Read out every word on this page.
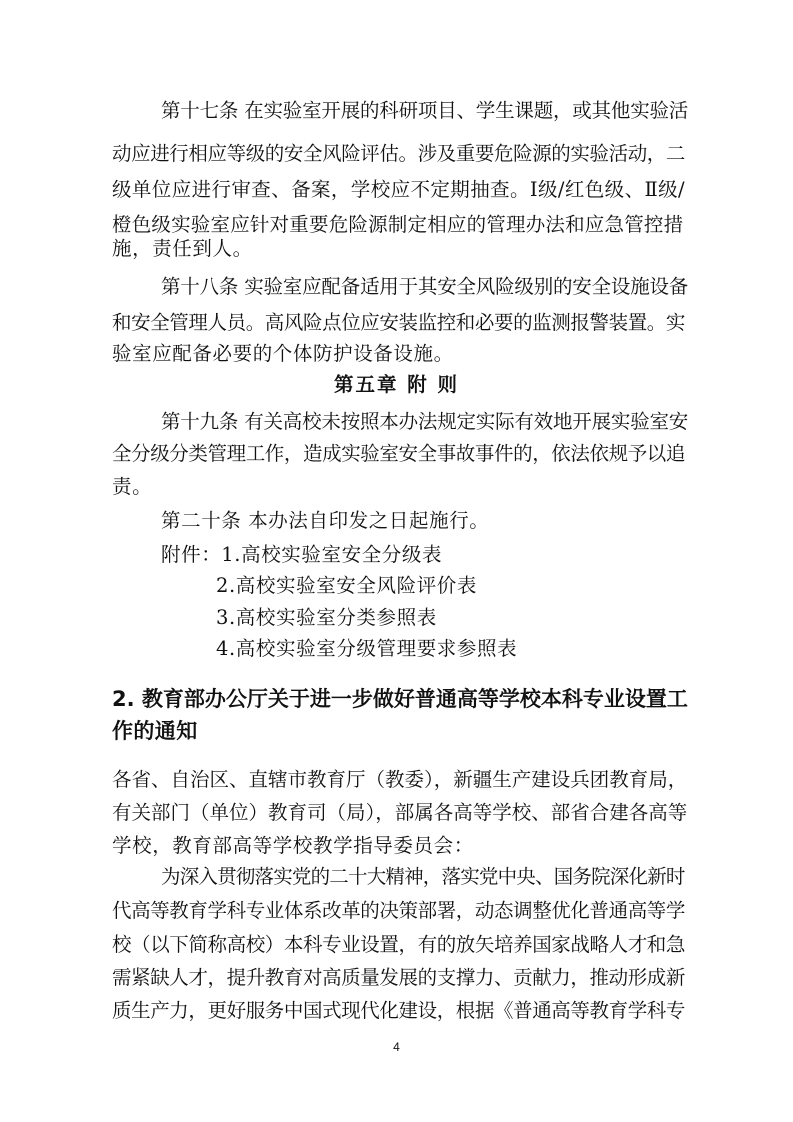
第十七条 在实验室开展的科研项目、学生课题，或其他实验活
动应进行相应等级的安全风险评估。涉及重要危险源的实验活动，二
级单位应进行审查、备案，学校应不定期抽查。Ⅰ级/红色级、Ⅱ级/
橙色级实验室应针对重要危险源制定相应的管理办法和应急管控措
施，责任到人。
第十八条 实验室应配备适用于其安全风险级别的安全设施设备
和安全管理人员。高风险点位应安装监控和必要的监测报警装置。实
验室应配备必要的个体防护设备设施。
第五章 附 则
第十九条 有关高校未按照本办法规定实际有效地开展实验室安
全分级分类管理工作，造成实验室安全事故事件的，依法依规予以追
责。
第二十条 本办法自印发之日起施行。
附件：1.高校实验室安全分级表
2.高校实验室安全风险评价表
3.高校实验室分类参照表
4.高校实验室分级管理要求参照表
2. 教育部办公厅关于进一步做好普通高等学校本科专业设置工
作的通知
各省、自治区、直辖市教育厅（教委），新疆生产建设兵团教育局，
有关部门（单位）教育司（局），部属各高等学校、部省合建各高等
学校，教育部高等学校教学指导委员会：
为深入贯彻落实党的二十大精神，落实党中央、国务院深化新时
代高等教育学科专业体系改革的决策部署，动态调整优化普通高等学
校（以下简称高校）本科专业设置，有的放矢培养国家战略人才和急
需紧缺人才，提升教育对高质量发展的支撑力、贡献力，推动形成新
质生产力，更好服务中国式现代化建设，根据《普通高等教育学科专
4
